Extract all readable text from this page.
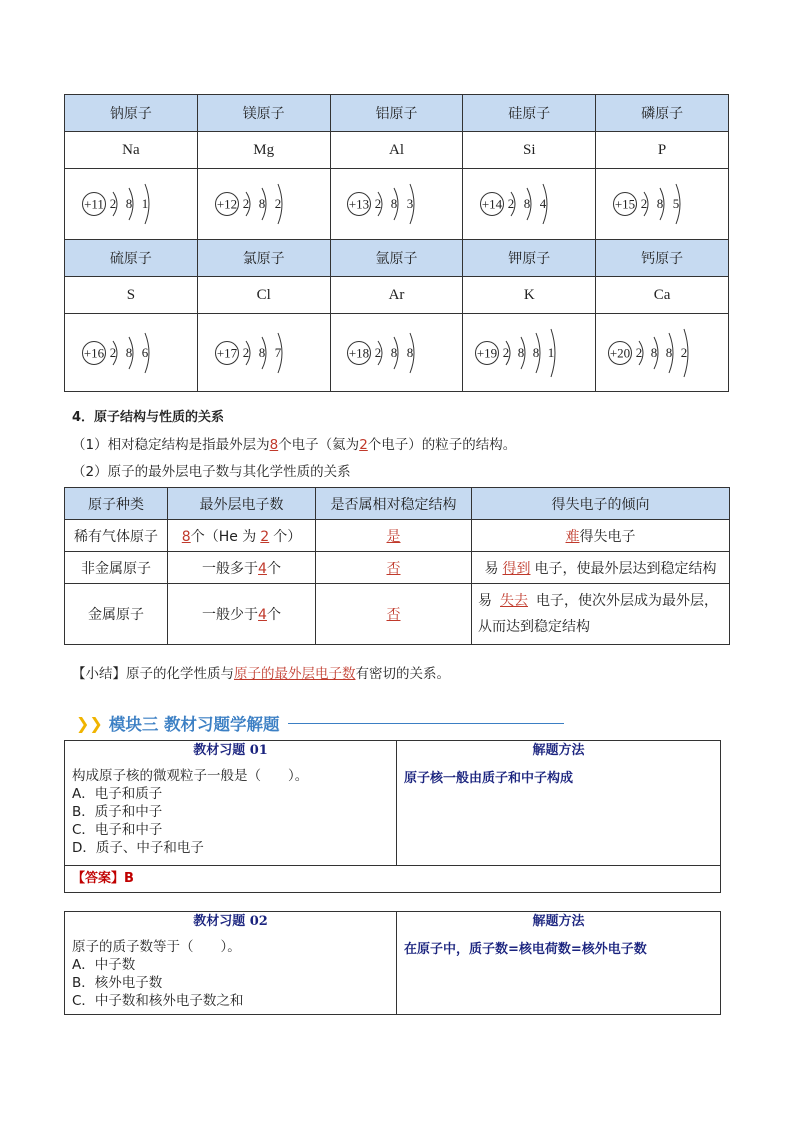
钠原子	镁原子	铝原子	硅原子	磷原子
Na	Mg	Al	Si	P

+11 2 8 1	+12 2 8 2	+13 2 8 3	+14 2 8 4	+15 2 8 5

硫原子	氯原子	氩原子	钾原子	钙原子
S	Cl	Ar	K	Ca

+16 2 8 6	+17 2 8 7	+18 2 8 8	+19 2 8 8 1	+20 2 8 8 2
4．原子结构与性质的关系
（1）相对稳定结构是指最外层为8个电子（氦为2个电子）的粒子的结构。
（2）原子的最外层电子数与其化学性质的关系
原子种类	最外层电子数	是否属相对稳定结构	得失电子的倾向
稀有气体原子	8个（He 为 2 个）	是	难得失电子
非金属原子	一般多于4个	否	易 得到 电子，使最外层达到稳定结构
金属原子	一般少于4个	否	易 失去 电子，使次外层成为最外层，
从而达到稳定结构
【小结】原子的化学性质与原子的最外层电子数有密切的关系。
❯❯ 模块三 教材习题学解题
教材习题 01	解题方法

构成原子核的微观粒子一般是（　　）。
A．电子和质子
B．质子和中子
C．电子和中子
D．质子、中子和电子	原子核一般由质子和中子构成
【答案】B	
教材习题 02	解题方法

原子的质子数等于（　　）。
A．中子数
B．核外电子数
C．中子数和核外电子数之和	在原子中，质子数=核电荷数=核外电子数
